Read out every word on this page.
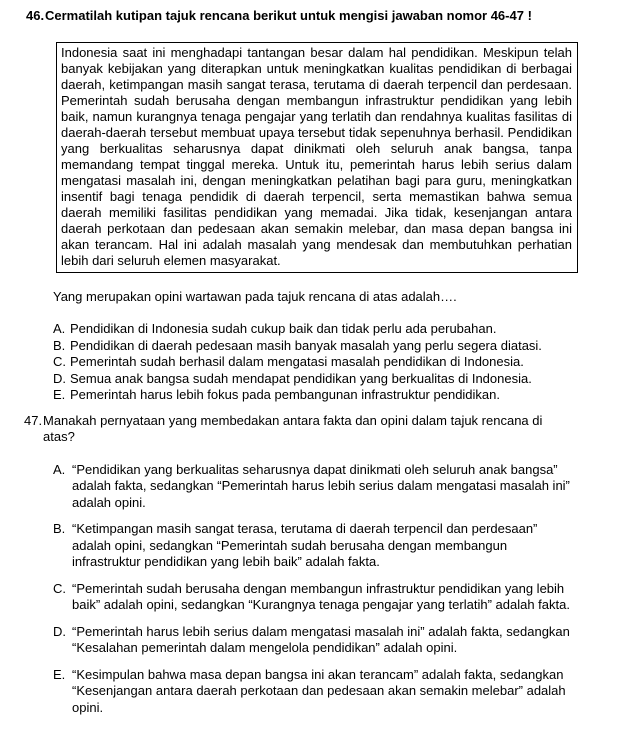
46. Cermatilah kutipan tajuk rencana berikut untuk mengisi jawaban nomor 46-47 !
Indonesia saat ini menghadapi tantangan besar dalam hal pendidikan. Meskipun telah banyak kebijakan yang diterapkan untuk meningkatkan kualitas pendidikan di berbagai daerah, ketimpangan masih sangat terasa, terutama di daerah terpencil dan perdesaan. Pemerintah sudah berusaha dengan membangun infrastruktur pendidikan yang lebih baik, namun kurangnya tenaga pengajar yang terlatih dan rendahnya kualitas fasilitas di daerah-daerah tersebut membuat upaya tersebut tidak sepenuhnya berhasil. Pendidikan yang berkualitas seharusnya dapat dinikmati oleh seluruh anak bangsa, tanpa memandang tempat tinggal mereka. Untuk itu, pemerintah harus lebih serius dalam mengatasi masalah ini, dengan meningkatkan pelatihan bagi para guru, meningkatkan insentif bagi tenaga pendidik di daerah terpencil, serta memastikan bahwa semua daerah memiliki fasilitas pendidikan yang memadai. Jika tidak, kesenjangan antara daerah perkotaan dan pedesaan akan semakin melebar, dan masa depan bangsa ini akan terancam. Hal ini adalah masalah yang mendesak dan membutuhkan perhatian lebih dari seluruh elemen masyarakat.
Yang merupakan opini wartawan pada tajuk rencana di atas adalah….
A. Pendidikan di Indonesia sudah cukup baik dan tidak perlu ada perubahan.
B. Pendidikan di daerah pedesaan masih banyak masalah yang perlu segera diatasi.
C. Pemerintah sudah berhasil dalam mengatasi masalah pendidikan di Indonesia.
D. Semua anak bangsa sudah mendapat pendidikan yang berkualitas di Indonesia.
E. Pemerintah harus lebih fokus pada pembangunan infrastruktur pendidikan.
47. Manakah pernyataan yang membedakan antara fakta dan opini dalam tajuk rencana di atas?
A. “Pendidikan yang berkualitas seharusnya dapat dinikmati oleh seluruh anak bangsa” adalah fakta, sedangkan “Pemerintah harus lebih serius dalam mengatasi masalah ini” adalah opini.
B. “Ketimpangan masih sangat terasa, terutama di daerah terpencil dan perdesaan” adalah opini, sedangkan “Pemerintah sudah berusaha dengan membangun infrastruktur pendidikan yang lebih baik” adalah fakta.
C. “Pemerintah sudah berusaha dengan membangun infrastruktur pendidikan yang lebih baik” adalah opini, sedangkan “Kurangnya tenaga pengajar yang terlatih” adalah fakta.
D. “Pemerintah harus lebih serius dalam mengatasi masalah ini” adalah fakta, sedangkan “Kesalahan pemerintah dalam mengelola pendidikan” adalah opini.
E. “Kesimpulan bahwa masa depan bangsa ini akan terancam” adalah fakta, sedangkan “Kesenjangan antara daerah perkotaan dan pedesaan akan semakin melebar” adalah opini.
